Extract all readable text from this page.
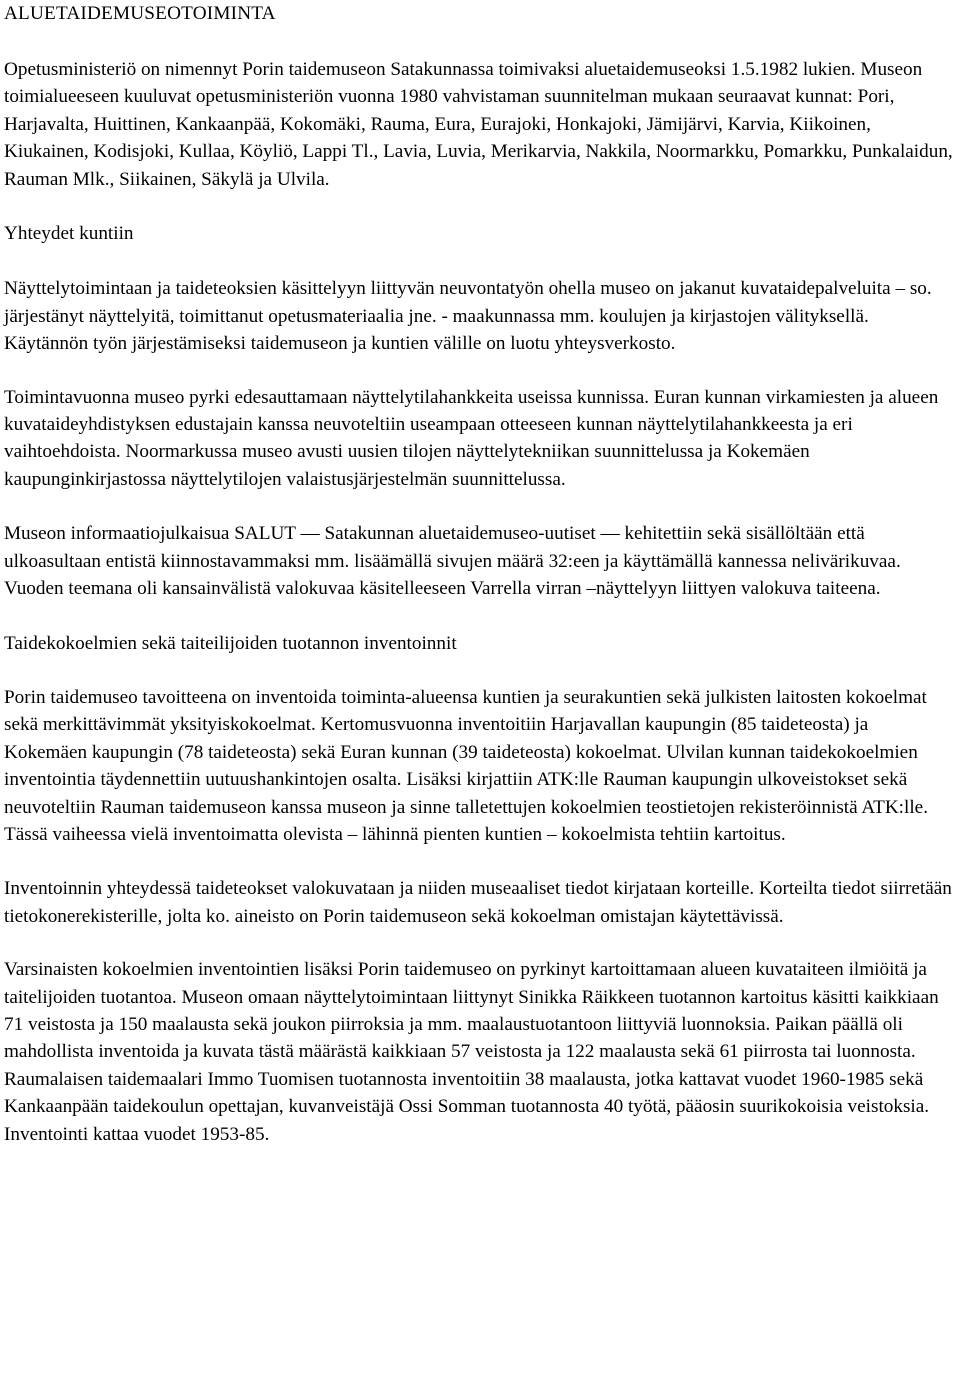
ALUETAIDEMUSEOTOIMINTA

Opetusministeriö on nimennyt Porin taidemuseon Satakunnassa toimivaksi aluetaidemuseoksi 1.5.1982 lukien. Museon toimialueeseen kuuluvat opetusministeriön vuonna 1980 vahvistaman suunnitelman mukaan seuraavat kunnat: Pori, Harjavalta, Huittinen, Kankaanpää, Kokomäki, Rauma, Eura, Eurajoki, Honkajoki, Jämijärvi, Karvia, Kiikoinen, Kiukainen, Kodisjoki, Kullaa, Köyliö, Lappi Tl., Lavia, Luvia, Merikarvia, Nakkila, Noormarkku, Pomarkku, Punkalaidun, Rauman Mlk., Siikainen, Säkylä ja Ulvila.

Yhteydet kuntiin

Näyttelytoimintaan ja taideteoksien käsittelyyn liittyvän neuvontatyön ohella museo on jakanut kuvataidepalveluita – so. järjestänyt näyttelyitä, toimittanut opetusmateriaalia jne. - maakunnassa mm. koulujen ja kirjastojen välityksellä. Käytännön työn järjestämiseksi taidemuseon ja kuntien välille on luotu yhteysverkosto.

Toimintavuonna museo pyrki edesauttamaan näyttelytilahankkeita useissa kunnissa. Euran kunnan virkamiesten ja alueen kuvataideyhdistyksen edustajain kanssa neuvoteltiin useampaan otteeseen kunnan näyttelytilahankkeesta ja eri vaihtoehdoista. Noormarkussa museo avusti uusien tilojen näyttelytekniikan suunnittelussa ja Kokemäen kaupunginkirjastossa näyttelytilojen valaistusjärjestelmän suunnittelussa.

Museon informaatiojulkaisua SALUT — Satakunnan aluetaidemuseo-uutiset — kehitettiin sekä sisällöltään että ulkoasultaan entistä kiinnostavammaksi mm. lisäämällä sivujen määrä 32:een ja käyttämällä kannessa nelivärikuvaa. Vuoden teemana oli kansainvälistä valokuvaa käsitelleeseen Varrella virran –näyttelyyn liittyen valokuva taiteena.

Taidekokoelmien sekä taiteilijoiden tuotannon inventoinnit

Porin taidemuseo tavoitteena on inventoida toiminta-alueensa kuntien ja seurakuntien sekä julkisten laitosten kokoelmat sekä merkittävimmät yksityiskokoelmat. Kertomusvuonna inventoitiin Harjavallan kaupungin (85 taideteosta) ja Kokemäen kaupungin (78 taideteosta) sekä Euran kunnan (39 taideteosta) kokoelmat. Ulvilan kunnan taidekokoelmien inventointia täydennettiin uutuushankintojen osalta. Lisäksi kirjattiin ATK:lle Rauman kaupungin ulkoveistokset sekä neuvoteltiin Rauman taidemuseon kanssa museon ja sinne talletettujen kokoelmien teostietojen rekisteröinnistä ATK:lle. Tässä vaiheessa vielä inventoimatta olevista – lähinnä pienten kuntien – kokoelmista tehtiin kartoitus.

Inventoinnin yhteydessä taideteokset valokuvataan ja niiden museaaliset tiedot kirjataan korteille. Korteilta tiedot siirretään tietokonerekisterille, jolta ko. aineisto on Porin taidemuseon sekä kokoelman omistajan käytettävissä.

Varsinaisten kokoelmien inventointien lisäksi Porin taidemuseo on pyrkinyt kartoittamaan alueen kuvataiteen ilmiöitä ja taitelijoiden tuotantoa. Museon omaan näyttelytoimintaan liittynyt Sinikka Räikkeen tuotannon kartoitus käsitti kaikkiaan 71 veistosta ja 150 maalausta sekä joukon piirroksia ja mm. maalaustuotantoon liittyviä luonnoksia. Paikan päällä oli mahdollista inventoida ja kuvata tästä määrästä kaikkiaan 57 veistosta ja 122 maalausta sekä 61 piirrosta tai luonnosta.

Raumalaisen taidemaalari Immo Tuomisen tuotannosta inventoitiin 38 maalausta, jotka kattavat vuodet 1960-1985 sekä Kankaanpään taidekoulun opettajan, kuvanveistäjä Ossi Somman tuotannosta 40 työtä, pääosin suurikokoisia veistoksia. Inventointi kattaa vuodet 1953-85.
